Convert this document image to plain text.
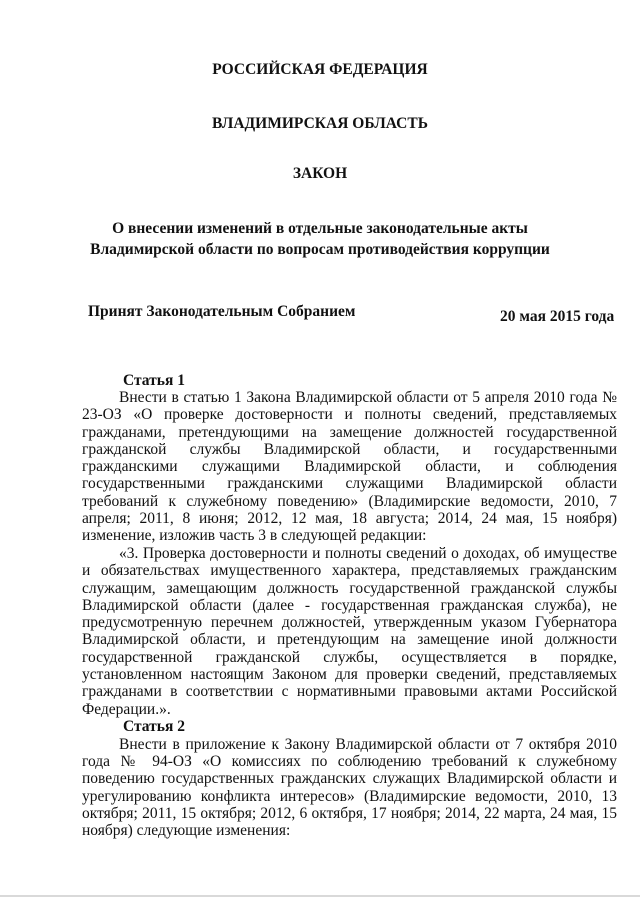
РОССИЙСКАЯ ФЕДЕРАЦИЯ
ВЛАДИМИРСКАЯ ОБЛАСТЬ
ЗАКОН
О внесении изменений в отдельные законодательные акты
Владимирской области по вопросам противодействия коррупции
Принят Законодательным Собранием	20 мая 2015 года
Статья 1
Внести в статью 1 Закона Владимирской области от 5 апреля 2010 года № 23-ОЗ «О проверке достоверности и полноты сведений, представляемых гражданами, претендующими на замещение должностей государственной гражданской службы Владимирской области, и государственными гражданскими служащими Владимирской области, и соблюдения государственными гражданскими служащими Владимирской области требований к служебному поведению» (Владимирские ведомости, 2010, 7 апреля; 2011, 8 июня; 2012, 12 мая, 18 августа; 2014, 24 мая, 15 ноября) изменение, изложив часть 3 в следующей редакции:
«3. Проверка достоверности и полноты сведений о доходах, об имуществе и обязательствах имущественного характера, представляемых гражданским служащим, замещающим должность государственной гражданской службы Владимирской области (далее - государственная гражданская служба), не предусмотренную перечнем должностей, утвержденным указом Губернатора Владимирской области, и претендующим на замещение иной должности государственной гражданской службы, осуществляется в порядке, установленном настоящим Законом для проверки сведений, представляемых гражданами в соответствии с нормативными правовыми актами Российской Федерации.».
Статья 2
Внести в приложение к Закону Владимирской области от 7 октября 2010 года № 94-ОЗ «О комиссиях по соблюдению требований к служебному поведению государственных гражданских служащих Владимирской области и урегулированию конфликта интересов» (Владимирские ведомости, 2010, 13 октября; 2011, 15 октября; 2012, 6 октября, 17 ноября; 2014, 22 марта, 24 мая, 15 ноября) следующие изменения:
